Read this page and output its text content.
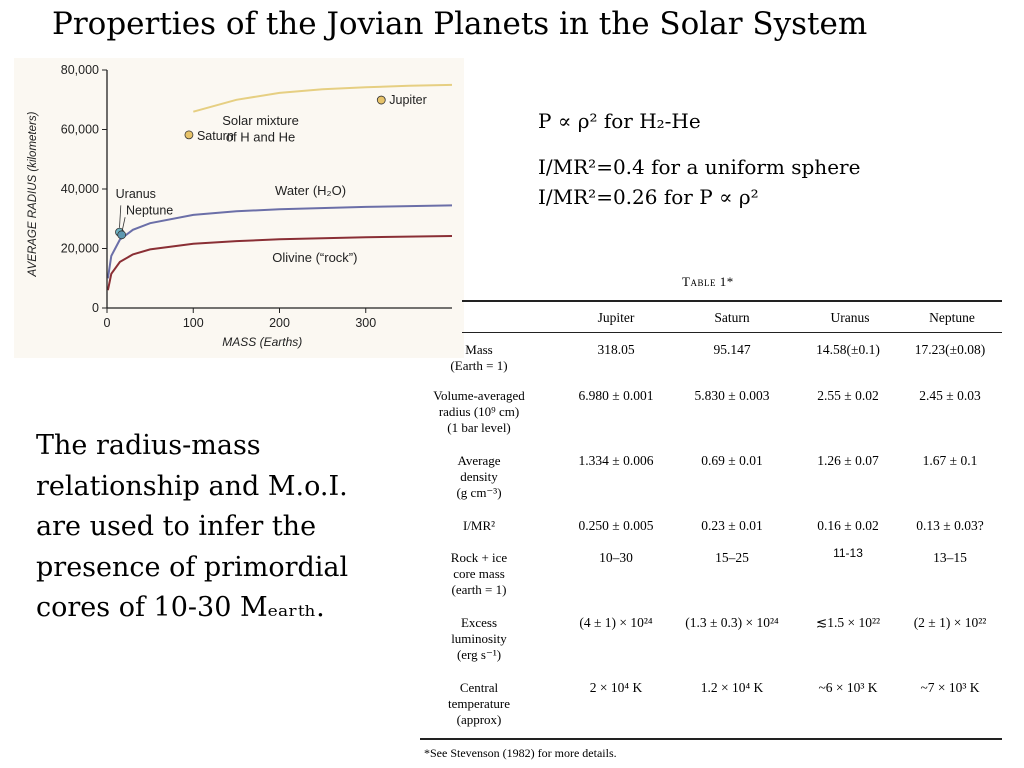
Properties of the Jovian Planets in the Solar System
P ∝ ρ² for H₂-He
I/MR²=0.4 for a uniform sphere
I/MR²=0.26 for P ∝ ρ²
The radius-mass relationship and M.o.I. are used to infer the presence of primordial cores of 10-30 Mₑₐᵣₜₕ.
0
20,000
40,000
60,000
80,000
0	100	200	300
MASS (Earths)
AVERAGE RADIUS (kilometers)	Solar mixture
of H and He
Water (H₂O)
Olivine (“rock”)
Jupiter
Saturn
Uranus
Neptune
Table 1*
Jupiter	Saturn	Uranus	Neptune
Mass
(Earth = 1)
318.05	95.147	14.58(±0.1)	17.23(±0.08)
Volume-averaged
radius (10⁹ cm)
(1 bar level)
6.980 ± 0.001	5.830 ± 0.003	2.55 ± 0.02	2.45 ± 0.03
Average
density
(g cm⁻³)
1.334 ± 0.006	0.69 ± 0.01	1.26 ± 0.07	1.67 ± 0.1
I/MR²	0.250 ± 0.005	0.23 ± 0.01	0.16 ± 0.02	0.13 ± 0.03?
Rock + ice
core mass
(earth = 1)
10–30	15–25	11-13	13–15
Excess
luminosity
(erg s⁻¹)
(4 ± 1) × 10²⁴	(1.3 ± 0.3) × 10²⁴	≲1.5 × 10²²	(2 ± 1) × 10²²
Central
temperature
(approx)
2 × 10⁴ K	1.2 × 10⁴ K	~6 × 10³ K	~7 × 10³ K
*See Stevenson (1982) for more details.
